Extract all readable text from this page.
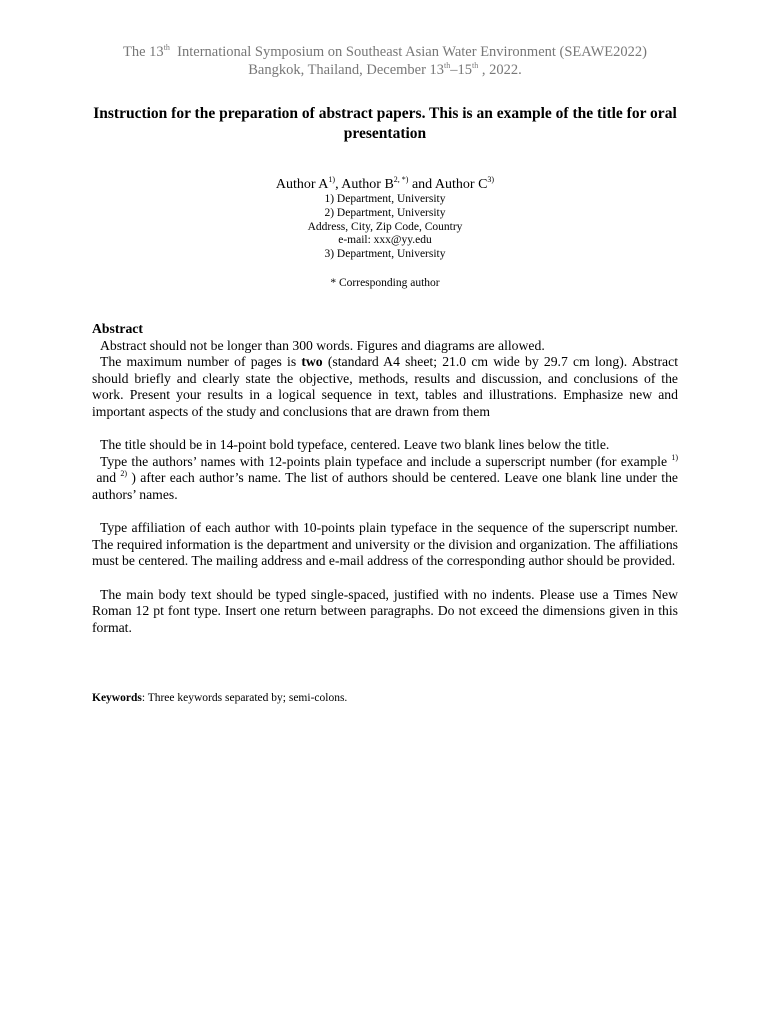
The 13th  International Symposium on Southeast Asian Water Environment (SEAWE2022)
Bangkok, Thailand, December 13th–15th , 2022.
Instruction for the preparation of abstract papers. This is an example of the title for oral presentation
Author $A^{1)}$, Author $B^{2, *)}$ and Author $C^{3)}$
1) Department, University
2) Department, University
Address, City, Zip Code, Country
e-mail: xxx@yy.edu
3) Department, University
* Corresponding author
Abstract

Abstract should not be longer than 300 words. Figures and diagrams are allowed.

The maximum number of pages is two (standard A4 sheet; 21.0 cm wide by 29.7 cm long). Abstract should briefly and clearly state the objective, methods, results and discussion, and conclusions of the work. Present your results in a logical sequence in text, tables and illustrations. Emphasize new and important aspects of the study and conclusions that are drawn from them

The title should be in 14-point bold typeface, centered. Leave two blank lines below the title.

Type the authors’ names with 12-points plain typeface and include a superscript number (for example $^{1)}$ and $^{2)}$ ) after each author’s name. The list of authors should be centered. Leave one blank line under the authors’ names.

Type affiliation of each author with 10-points plain typeface in the sequence of the superscript number. The required information is the department and university or the division and organization. The affiliations must be centered. The mailing address and e-mail address of the corresponding author should be provided.

The main body text should be typed single-spaced, justified with no indents. Please use a Times New Roman 12 pt font type. Insert one return between paragraphs. Do not exceed the dimensions given in this format.

Keywords: Three keywords separated by; semi-colons.
